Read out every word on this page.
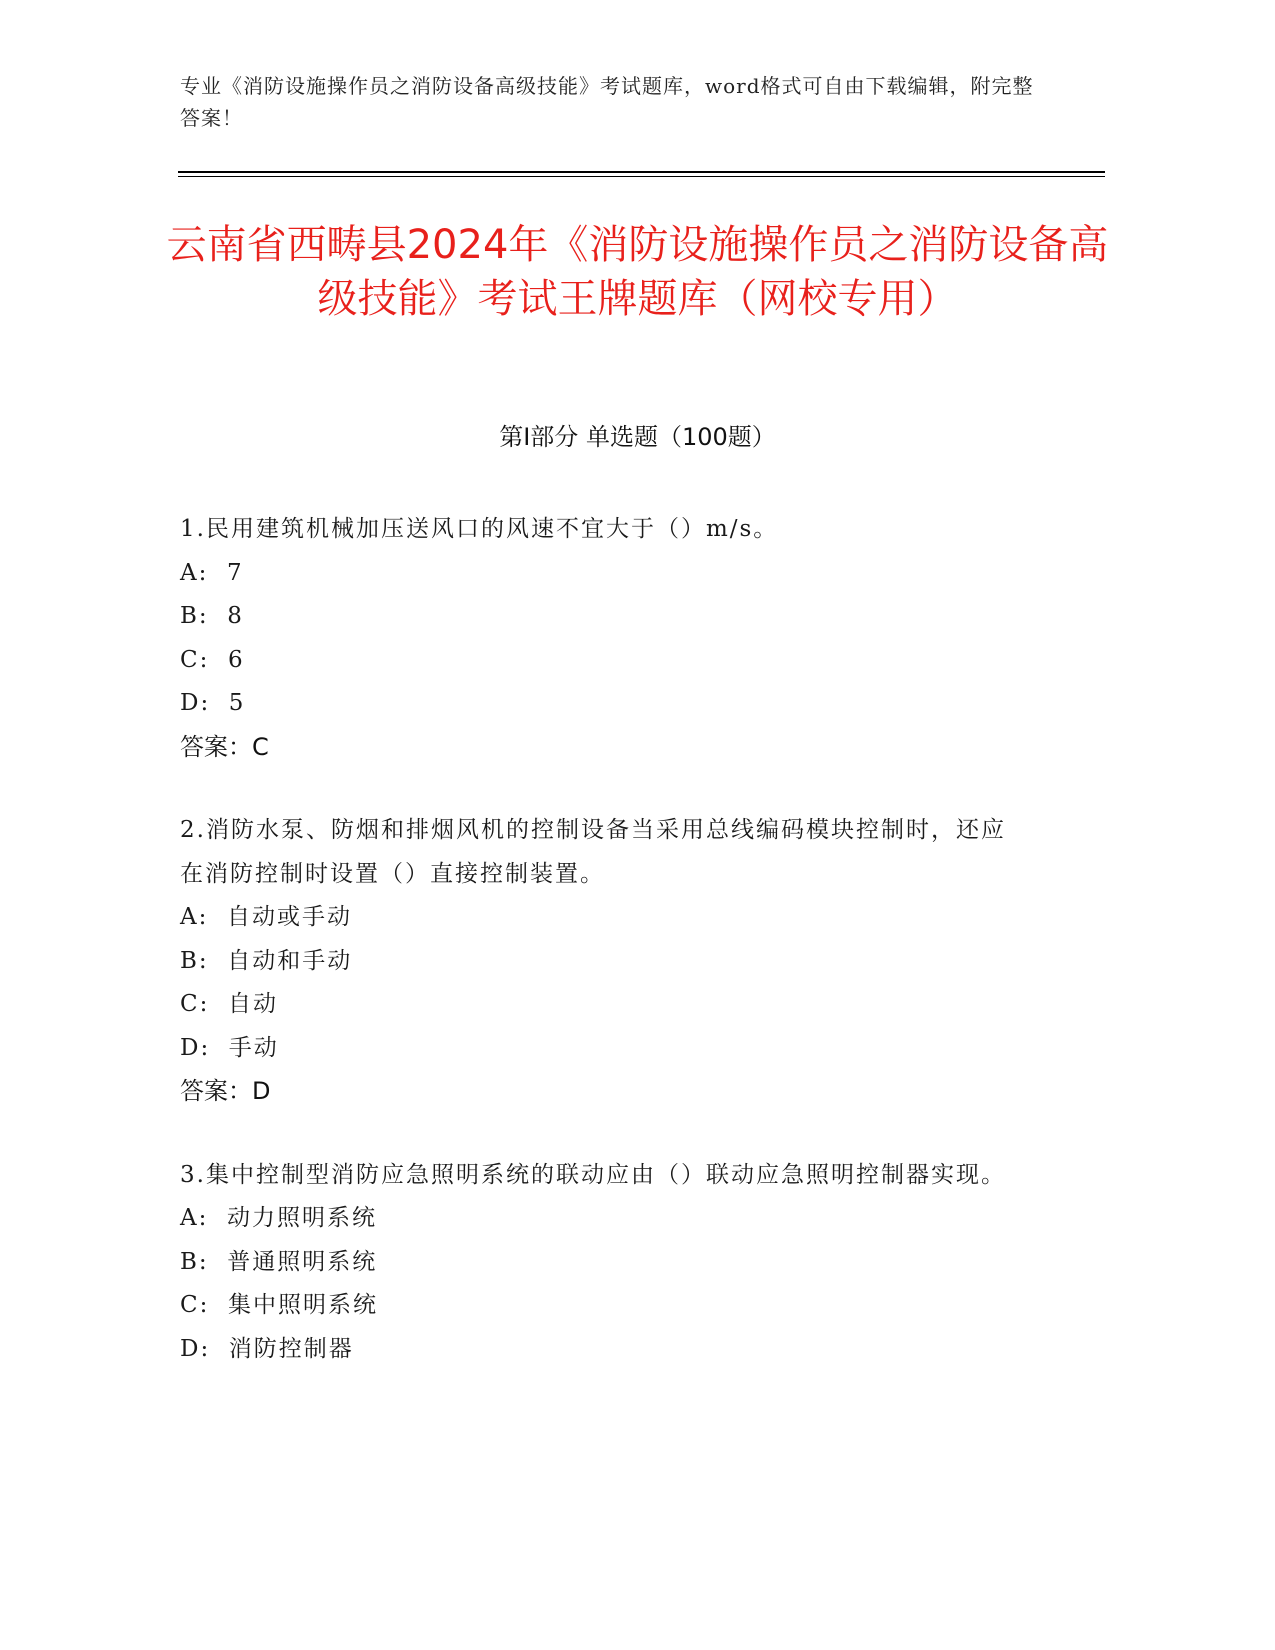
专业《消防设施操作员之消防设备高级技能》考试题库，word格式可自由下载编辑，附完整答案！
云南省西畴县2024年《消防设施操作员之消防设备高级技能》考试王牌题库（网校专用）
第I部分 单选题（100题）
1.民用建筑机械加压送风口的风速不宜大于（）m/s。
A:  7
B:  8
C:  6
D:  5
答案：C
2.消防水泵、防烟和排烟风机的控制设备当采用总线编码模块控制时，还应在消防控制时设置（）直接控制装置。
A:  自动或手动
B:  自动和手动
C:  自动
D:  手动
答案：D
3.集中控制型消防应急照明系统的联动应由（）联动应急照明控制器实现。
A:  动力照明系统
B:  普通照明系统
C:  集中照明系统
D:  消防控制器
